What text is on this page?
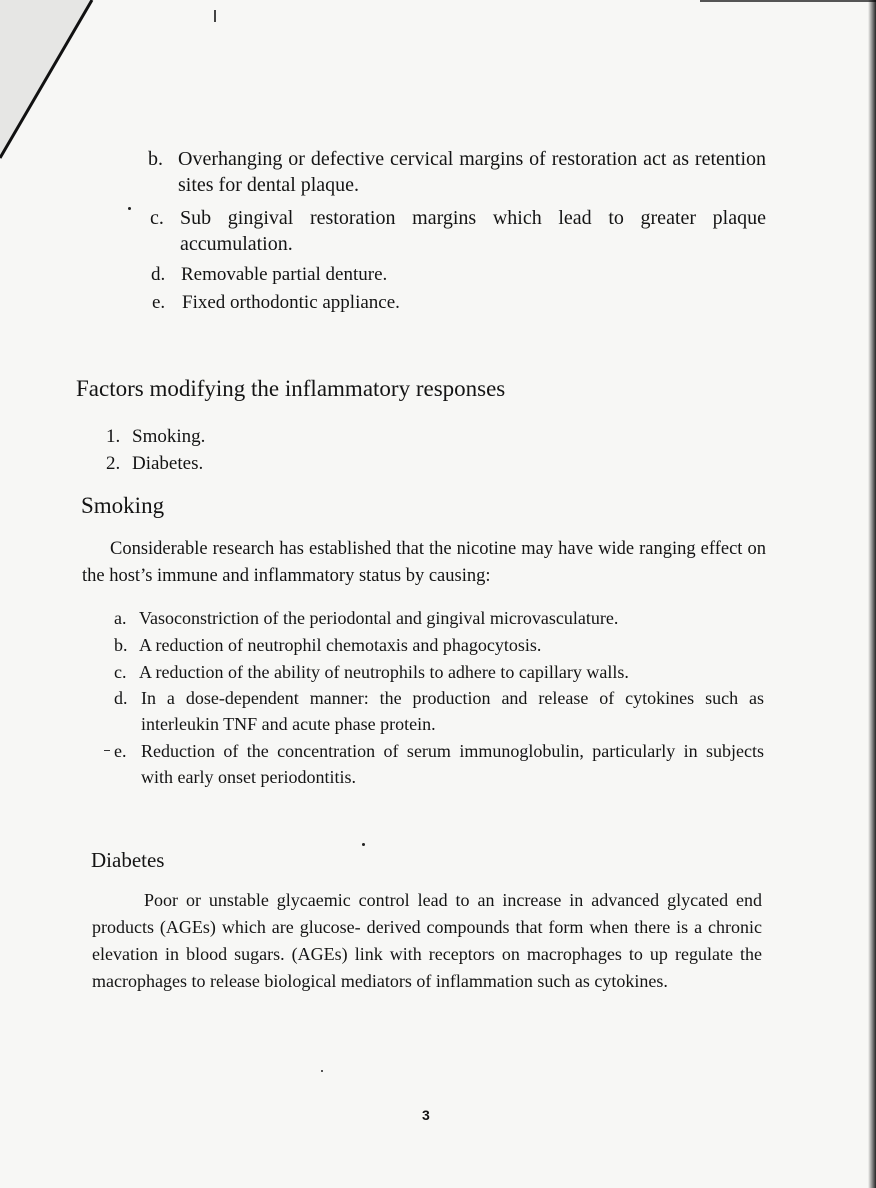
b. Overhanging or defective cervical margins of restoration act as retention sites for dental plaque.
c. Sub gingival restoration margins which lead to greater plaque accumulation.
d. Removable partial denture.
e. Fixed orthodontic appliance.
Factors modifying the inflammatory responses
1. Smoking.
2. Diabetes.
Smoking
Considerable research has established that the nicotine may have wide ranging effect on the host’s immune and inflammatory status by causing:
a. Vasoconstriction of the periodontal and gingival microvasculature.
b. A reduction of neutrophil chemotaxis and phagocytosis.
c. A reduction of the ability of neutrophils to adhere to capillary walls.
d. In a dose-dependent manner: the production and release of cytokines such as interleukin TNF and acute phase protein.
e. Reduction of the concentration of serum immunoglobulin, particularly in subjects with early onset periodontitis.
Diabetes
Poor or unstable glycaemic control lead to an increase in advanced glycated end products (AGEs) which are glucose- derived compounds that form when there is a chronic elevation in blood sugars. (AGEs) link with receptors on macrophages to up regulate the macrophages to release biological mediators of inflammation such as cytokines.
3
